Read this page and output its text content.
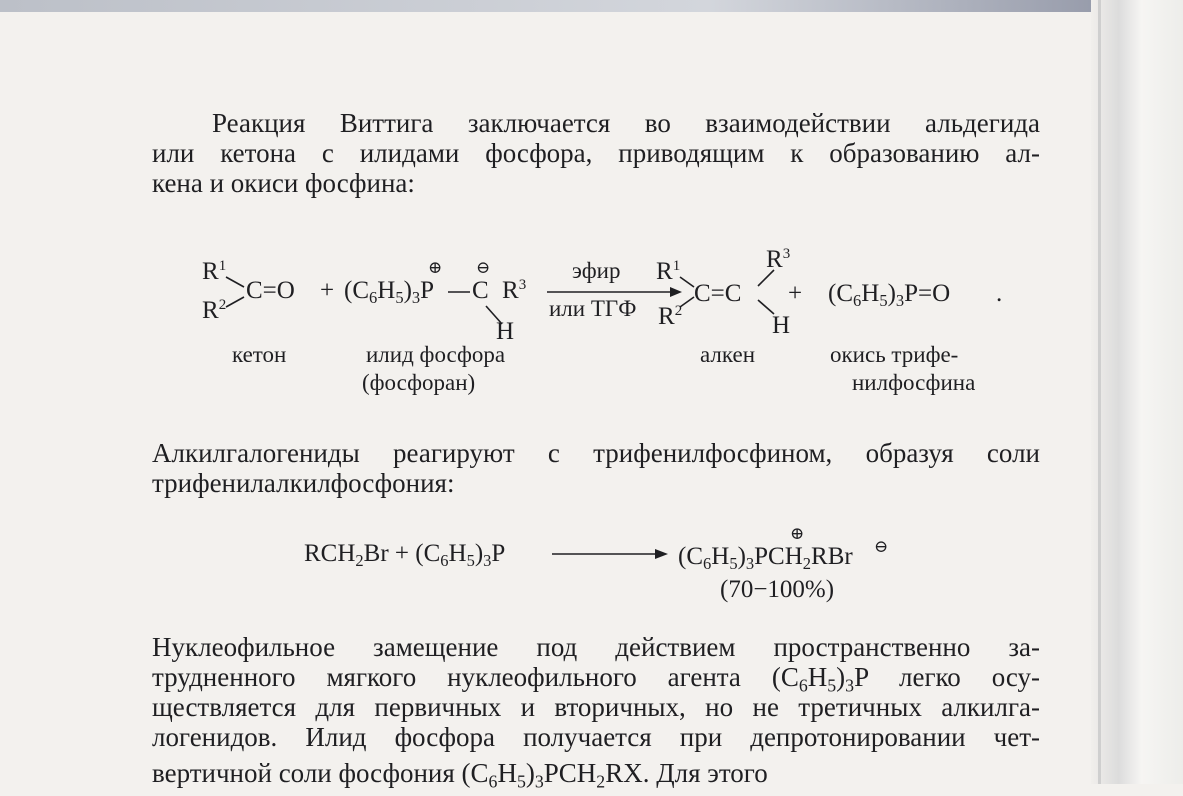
Реакция Виттига заключается во взаимодействии альдегида
или кетона с илидами фосфора, приводящим к образованию ал-
кена и окиси фосфина:
$R^1$
$R^2$
C=O +
⊕ ⊖
$(C_6H_5)_3P$ C $R^3$
H
эфир
или ТГФ
$R^1$
$R^2$
C=C
$R^3$
H
+ $(C_6H_5)_3P=O$ .
кетон	илид фосфора
(фосфоран)
алкен	окись трифе-
нилфосфина
Алкилгалогениды реагируют с трифенилфосфином, образуя соли
трифенилалкилфосфония:
$RCH_2Br + (C_6H_5)_3P$
⊕
$(C_6H_5)_3PCH_2RBr$ ⊖
(70−100%)
Нуклеофильное замещение под действием пространственно за-
трудненного мягкого нуклеофильного агента $(C_6H_5)_3P$ легко осу-
ществляется для первичных и вторичных, но не третичных алкилга-
логенидов. Илид фосфора получается при депротонировании чет-
вертичной соли фосфония $(C_6H_5)_3PCH_2RX$. Для этого
